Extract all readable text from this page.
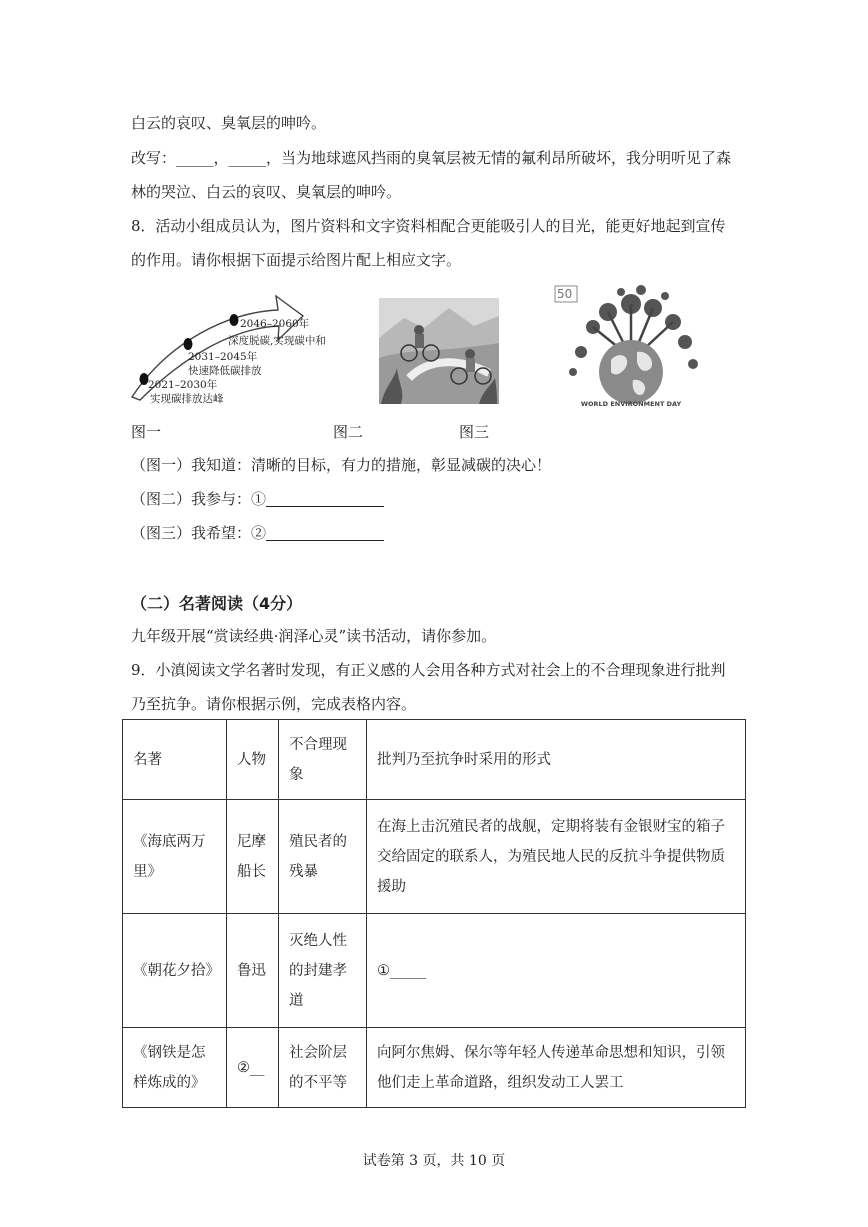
白云的哀叹、臭氧层的呻吟。
改写：_____，_____，当为地球遮风挡雨的臭氧层被无情的氟利昂所破坏，我分明听见了森
林的哭泣、白云的哀叹、臭氧层的呻吟。
8．活动小组成员认为，图片资料和文字资料相配合更能吸引人的目光，能更好地起到宣传
的作用。请你根据下面提示给图片配上相应文字。
2046–2060年
深度脱碳,实现碳中和
2031–2045年
快速降低碳排放
2021–2030年
实现碳排放达峰
50
WORLD ENVIRONMENT DAY
图一	图二	图三
（图一）我知道：清晰的目标，有力的措施，彰显减碳的决心！
（图二）我参与：①
（图三）我希望：②
（二）名著阅读（4分）
九年级开展“赏读经典·润泽心灵”读书活动，请你参加。
9．小滇阅读文学名著时发现，有正义感的人会用各种方式对社会上的不合理现象进行批判
乃至抗争。请你根据示例，完成表格内容。
名著	人物	不合理现象	批判乃至抗争时采用的形式
《海底两万里》	尼摩船长	殖民者的残暴	在海上击沉殖民者的战舰，定期将装有金银财宝的箱子交给固定的联系人，为殖民地人民的反抗斗争提供物质援助
《朝花夕拾》	鲁迅	灭绝人性的封建孝道	①_____
《钢铁是怎样炼成的》	②__	社会阶层的不平等	向阿尔焦姆、保尔等年轻人传递革命思想和知识，引领他们走上革命道路，组织发动工人罢工
试卷第 3 页，共 10 页
